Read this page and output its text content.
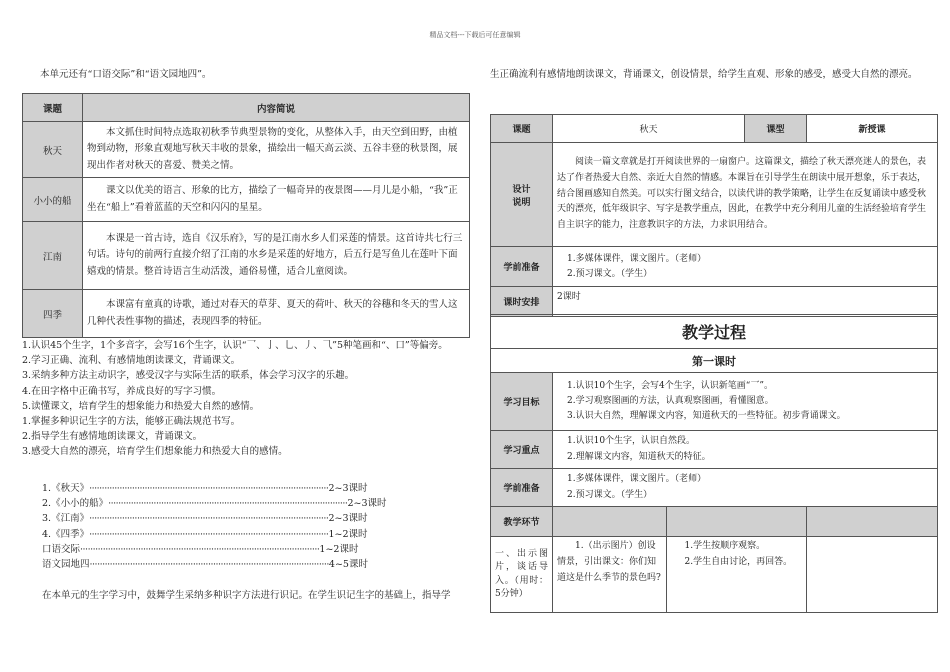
精品文档---下载后可任意编辑
本单元还有“口语交际”和“语文园地四”。
课题	内容简说
秋天	本文抓住时间特点选取初秋季节典型景物的变化，从整体入手，由天空到田野，由植物到动物，形象直观地写秋天丰收的景象，描绘出一幅天高云淡、五谷丰登的秋景图，展现出作者对秋天的喜爱、赞美之情。
小小的船	课文以优美的语言、形象的比方，描绘了一幅奇异的夜景图——月儿是小船，“我”正坐在“船上”看着蓝蓝的天空和闪闪的星星。
江南	本课是一首古诗，选自《汉乐府》，写的是江南水乡人们采莲的情景。这首诗共七行三句话。诗句的前两行直接介绍了江南的水乡是采莲的好地方，后五行是写鱼儿在莲叶下面嬉戏的情景。整首诗语言生动活泼，通俗易懂，适合儿童阅读。
四季	本课富有童真的诗歌，通过对春天的草芽、夏天的荷叶、秋天的谷穗和冬天的雪人这几种代表性事物的描述，表现四季的特征。
1.认识45个生字，1个多音字，会写16个生字，认识“乛、亅、乚、丿、⺄”5种笔画和“、口”等偏旁。
2.学习正确、流利、有感情地朗读课文，背诵课文。
3.采纳多种方法主动识字，感受汉字与实际生活的联系，体会学习汉字的乐趣。
4.在田字格中正确书写，养成良好的写字习惯。
5.读懂课文，培育学生的想象能力和热爱大自然的感情。
1.掌握多种识记生字的方法，能够正确法规范书写。
2.指导学生有感情地朗读课文，背诵课文。
3.感受大自然的漂亮，培育学生们想象能力和热爱大自的感情。
1.《秋天》 ······························································································· 2~3课时
2.《小小的船》 ······························································································· 2~3课时
3.《江南》 ······························································································· 2~3课时
4.《四季》 ······························································································· 1~2课时
口语交际 ······························································································· 1~2课时
语文园地四 ······························································································· 4~5课时
在本单元的生字学习中，鼓舞学生采纳多种识字方法进行识记。在学生识记生字的基础上，指导学
生正确流利有感情地朗读课文，背诵课文，创设情景，给学生直观、形象的感受，感受大自然的漂亮。
课题	秋天	课型	新授课
设计说明	阅读一篇文章就是打开阅读世界的一扇窗户。这篇课文，描绘了秋天漂亮迷人的景色，表达了作者热爱大自然、亲近大自然的情感。本课旨在引导学生在朗读中展开想象，乐于表达，结合图画感知自然美。可以实行图文结合，以读代讲的教学策略，让学生在反复诵读中感受秋天的漂亮，低年级识字、写字是教学重点，因此，在教学中充分利用儿童的生活经验培育学生自主识字的能力，注意教识字的方法，力求识用结合。		
学前准备	1.多媒体课件，课文图片。（老师）
2.预习课文。（学生）		

课时安排	2课时		
教学过程			
第一课时			
学习目标	1.认识10个生字，会写4个生字，认识新笔画“乛”。
2.学习观察图画的方法，认真观察图画，看懂图意。
3.认识大自然，理解课文内容，知道秋天的一些特征。初步背诵课文。		

学习重点	1.认识10个生字，认识自然段。
2.理解课文内容，知道秋天的特征。		

学前准备	1.多媒体课件，课文图片。（老师）
2.预习课文。（学生）		

教学环节			
一、出示图片，谈话导入。（用时：5分钟）	1.（出示图片）创设情景，引出课文：你们知道这是什么季节的景色吗?	1.学生按顺序观察。
2.学生自由讨论，再回答。	
